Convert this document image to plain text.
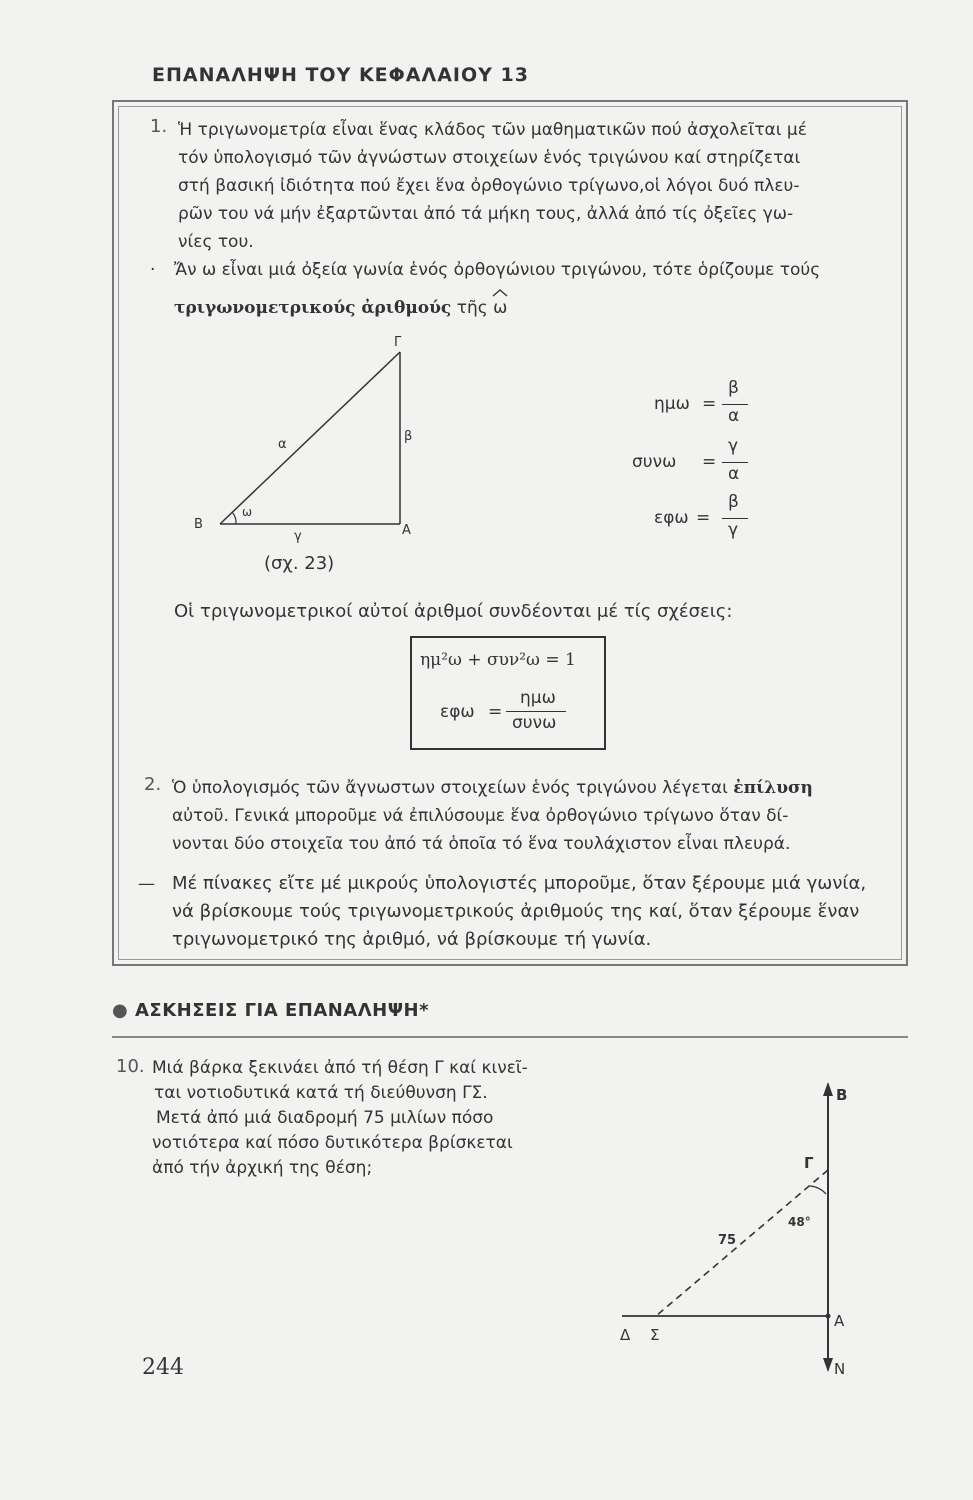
ΕΠΑΝΑΛΗΨΗ ΤΟΥ ΚΕΦΑΛΑΙΟΥ 13
1. Ἡ τριγωνομετρία εἶναι ἕνας κλάδος τῶν μαθηματικῶν πού ἀσχολεῖται μέ
τόν ὑπολογισμό τῶν ἀγνώστων στοιχείων ἑνός τριγώνου καί στηρίζεται
στή βασική ἰδιότητα πού ἔχει ἕνα ὀρθογώνιο τρίγωνο,οἱ λόγοι δυό πλευ-
ρῶν του νά μήν ἐξαρτῶνται ἀπό τά μήκη τους, ἀλλά ἀπό τίς ὀξεῖες γω-
νίες του.
· Ἄν ω εἶναι μιά ὀξεία γωνία ἑνός ὀρθογώνιου τριγώνου, τότε ὁρίζουμε τούς
τριγωνομετρικούς ἀριθμούς τῆς ω
Β
Γ
Α
α
β
γ
ω
(σχ. 23)
ημω =
β
α
συνω =
γ
α
εφω =
β
γ
Οἱ τριγωνομετρικοί αὐτοί ἀριθμοί συνδέονται μέ τίς σχέσεις:
ημ²ω + συν²ω = 1
εφω =
ημω
συνω
2. Ὁ ὑπολογισμός τῶν ἄγνωστων στοιχείων ἑνός τριγώνου λέγεται ἐπίλυση
αὐτοῦ. Γενικά μποροῦμε νά ἐπιλύσουμε ἕνα ὀρθογώνιο τρίγωνο ὅταν δί-
νονται δύο στοιχεῖα του ἀπό τά ὁποῖα τό ἕνα τουλάχιστον εἶναι πλευρά.
— Μέ πίνακες εἴτε μέ μικρούς ὑπολογιστές μποροῦμε, ὅταν ξέρουμε μιά γωνία,
νά βρίσκουμε τούς τριγωνομετρικούς ἀριθμούς της καί, ὅταν ξέρουμε ἕναν
τριγωνομετρικό της ἀριθμό, νά βρίσκουμε τή γωνία.
● ΑΣΚΗΣΕΙΣ ΓΙΑ ΕΠΑΝΑΛΗΨΗ*
10. Μιά βάρκα ξεκινάει ἀπό τή θέση Γ καί κινεῖ-
ται νοτιοδυτικά κατά τή διεύθυνση ΓΣ.
Μετά ἀπό μιά διαδρομή 75 μιλίων πόσο
νοτιότερα καί πόσο δυτικότερα βρίσκεται
ἀπό τήν ἀρχική της θέση;
Β
Γ
Α
Ν
Δ Σ
75
48°
244
